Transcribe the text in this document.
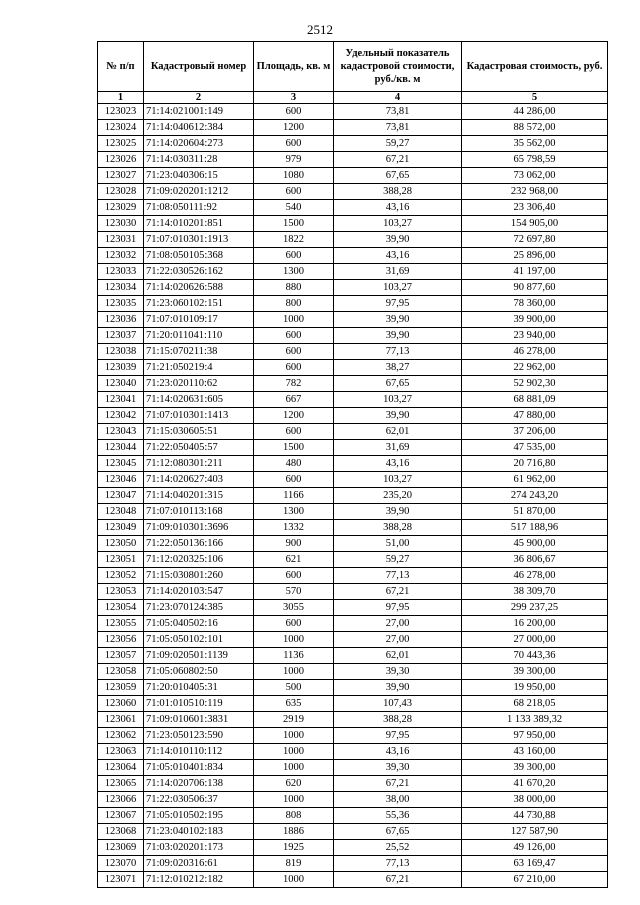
2512
№ п/п	Кадастровый номер	Площадь, кв. м	Удельный показатель кадастровой стоимости, руб./кв. м	Кадастровая стоимость, руб.
1	2	3	4	5
123023	71:14:021001:149	600	73,81	44 286,00
123024	71:14:040612:384	1200	73,81	88 572,00
123025	71:14:020604:273	600	59,27	35 562,00
123026	71:14:030311:28	979	67,21	65 798,59
123027	71:23:040306:15	1080	67,65	73 062,00
123028	71:09:020201:1212	600	388,28	232 968,00
123029	71:08:050111:92	540	43,16	23 306,40
123030	71:14:010201:851	1500	103,27	154 905,00
123031	71:07:010301:1913	1822	39,90	72 697,80
123032	71:08:050105:368	600	43,16	25 896,00
123033	71:22:030526:162	1300	31,69	41 197,00
123034	71:14:020626:588	880	103,27	90 877,60
123035	71:23:060102:151	800	97,95	78 360,00
123036	71:07:010109:17	1000	39,90	39 900,00
123037	71:20:011041:110	600	39,90	23 940,00
123038	71:15:070211:38	600	77,13	46 278,00
123039	71:21:050219:4	600	38,27	22 962,00
123040	71:23:020110:62	782	67,65	52 902,30
123041	71:14:020631:605	667	103,27	68 881,09
123042	71:07:010301:1413	1200	39,90	47 880,00
123043	71:15:030605:51	600	62,01	37 206,00
123044	71:22:050405:57	1500	31,69	47 535,00
123045	71:12:080301:211	480	43,16	20 716,80
123046	71:14:020627:403	600	103,27	61 962,00
123047	71:14:040201:315	1166	235,20	274 243,20
123048	71:07:010113:168	1300	39,90	51 870,00
123049	71:09:010301:3696	1332	388,28	517 188,96
123050	71:22:050136:166	900	51,00	45 900,00
123051	71:12:020325:106	621	59,27	36 806,67
123052	71:15:030801:260	600	77,13	46 278,00
123053	71:14:020103:547	570	67,21	38 309,70
123054	71:23:070124:385	3055	97,95	299 237,25
123055	71:05:040502:16	600	27,00	16 200,00
123056	71:05:050102:101	1000	27,00	27 000,00
123057	71:09:020501:1139	1136	62,01	70 443,36
123058	71:05:060802:50	1000	39,30	39 300,00
123059	71:20:010405:31	500	39,90	19 950,00
123060	71:01:010510:119	635	107,43	68 218,05
123061	71:09:010601:3831	2919	388,28	1 133 389,32
123062	71:23:050123:590	1000	97,95	97 950,00
123063	71:14:010110:112	1000	43,16	43 160,00
123064	71:05:010401:834	1000	39,30	39 300,00
123065	71:14:020706:138	620	67,21	41 670,20
123066	71:22:030506:37	1000	38,00	38 000,00
123067	71:05:010502:195	808	55,36	44 730,88
123068	71:23:040102:183	1886	67,65	127 587,90
123069	71:03:020201:173	1925	25,52	49 126,00
123070	71:09:020316:61	819	77,13	63 169,47
123071	71:12:010212:182	1000	67,21	67 210,00
